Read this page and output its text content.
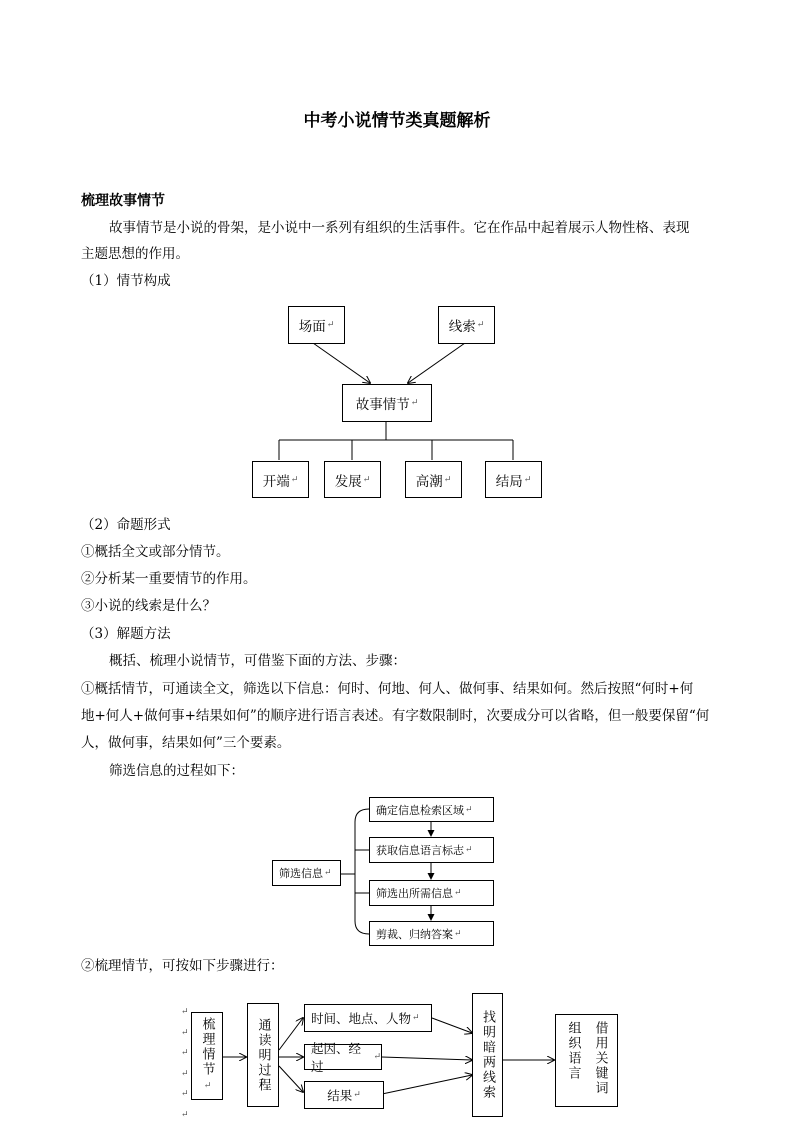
中考小说情节类真题解析
梳理故事情节
故事情节是小说的骨架，是小说中一系列有组织的生活事件。它在作品中起着展示人物性格、表现
主题思想的作用。
（1）情节构成
场面 ↵	线索 ↵
故事情节 ↵
开端 ↵	发展 ↵	高潮 ↵	结局 ↵
（2）命题形式
①概括全文或部分情节。
②分析某一重要情节的作用。
③小说的线索是什么？
（3）解题方法
概括、梳理小说情节，可借鉴下面的方法、步骤：
①概括情节，可通读全文，筛选以下信息：何时、何地、何人、做何事、结果如何。然后按照“何时+何
地+何人+做何事+结果如何”的顺序进行语言表述。有字数限制时，次要成分可以省略，但一般要保留“何
人，做何事，结果如何”三个要素。
筛选信息的过程如下：
筛选信息 ↵
确定信息检索区域 ↵
获取信息语言标志 ↵
筛选出所需信息 ↵
剪裁、归纳答案 ↵
②梳理情节，可按如下步骤进行：
↵
↵
↵
↵
↵
↵
梳理情节
↵	通读明过程	时间、地点、人物 ↵
起因、经过
↵
结果 ↵	找明暗两线索	借用关键词
组织语言
